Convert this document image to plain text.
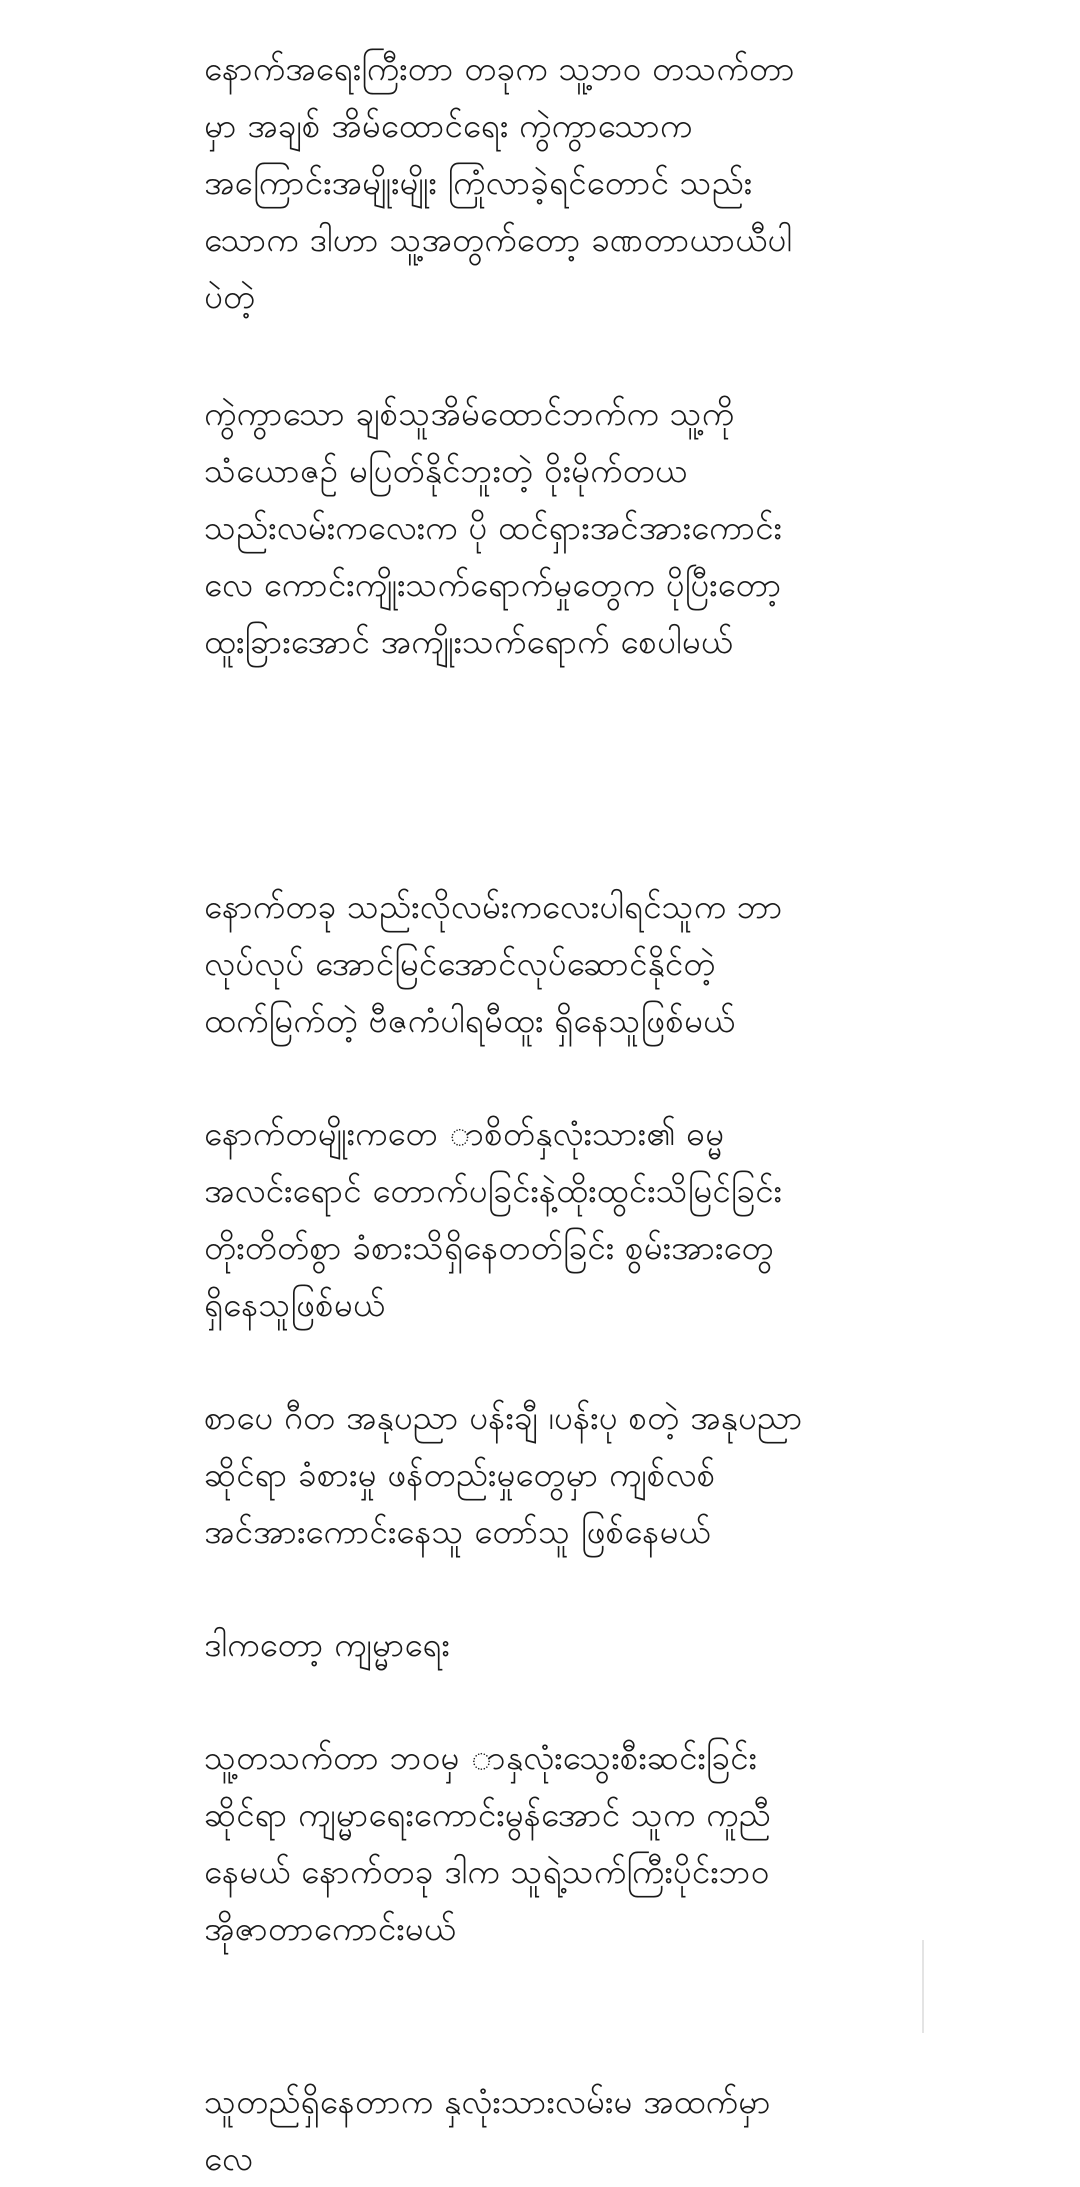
နောက်အရေးကြီးတာ တခုက သူ့ဘဝ တသက်တာ
မှာ အချစ် အိမ်ထောင်ရေး ကွဲကွာသောက
အကြောင်းအမျိုးမျိုး ကြုံလာခဲ့ရင်တောင် သည်း
သောက ဒါဟာ သူ့အတွက်တော့ ခဏတာယာယီပါ
ပဲတဲ့

ကွဲကွာသော ချစ်သူအိမ်ထောင်ဘက်က သူ့ကို
သံယောဇဉ် မပြတ်နိုင်ဘူးတဲ့ ဝိုးမိုက်တယ
သည်းလမ်းကလေးက ပို ထင်ရှားအင်အားကောင်း
လေ ကောင်းကျိုးသက်ရောက်မှုတွေက ပိုပြီးတော့
ထူးခြားအောင် အကျိုးသက်ရောက် စေပါမယ်

နောက်တခု သည်းလိုလမ်းကလေးပါရင်သူက ဘာ
လုပ်လုပ် အောင်မြင်အောင်လုပ်ဆောင်နိုင်တဲ့
ထက်မြက်တဲ့ ဗီဇကံပါရမီထူး ရှိနေသူဖြစ်မယ်

နောက်တမျိုးကတေ ာစိတ်နှလုံးသား၏ ဓမ္မ
အလင်းရောင် တောက်ပခြင်းနဲ့ထိုးထွင်းသိမြင်ခြင်း
တိုးတိတ်စွာ ခံစားသိရှိနေတတ်ခြင်း စွမ်းအားတွေ
ရှိနေသူဖြစ်မယ်

စာပေ ဂီတ အနုပညာ ပန်းချီ ၊ပန်းပု စတဲ့ အနုပညာ
ဆိုင်ရာ ခံစားမှု ဖန်တည်းမှုတွေမှာ ကျစ်လစ်
အင်အားကောင်းနေသူ တော်သူ ဖြစ်နေမယ်

ဒါကတော့ ကျမ္မာရေး

သူ့တသက်တာ ဘဝမှ ာနှလုံးသွေးစီးဆင်းခြင်း
ဆိုင်ရာ ကျမ္မာရေးကောင်းမွန်အောင် သူက ကူညီ
နေမယ် နောက်တခု ဒါက သူရဲ့သက်ကြီးပိုင်းဘဝ
အိုဇာတာကောင်းမယ်

သူတည်ရှိနေတာက နှလုံးသားလမ်းမ အထက်မှာ
လေ
